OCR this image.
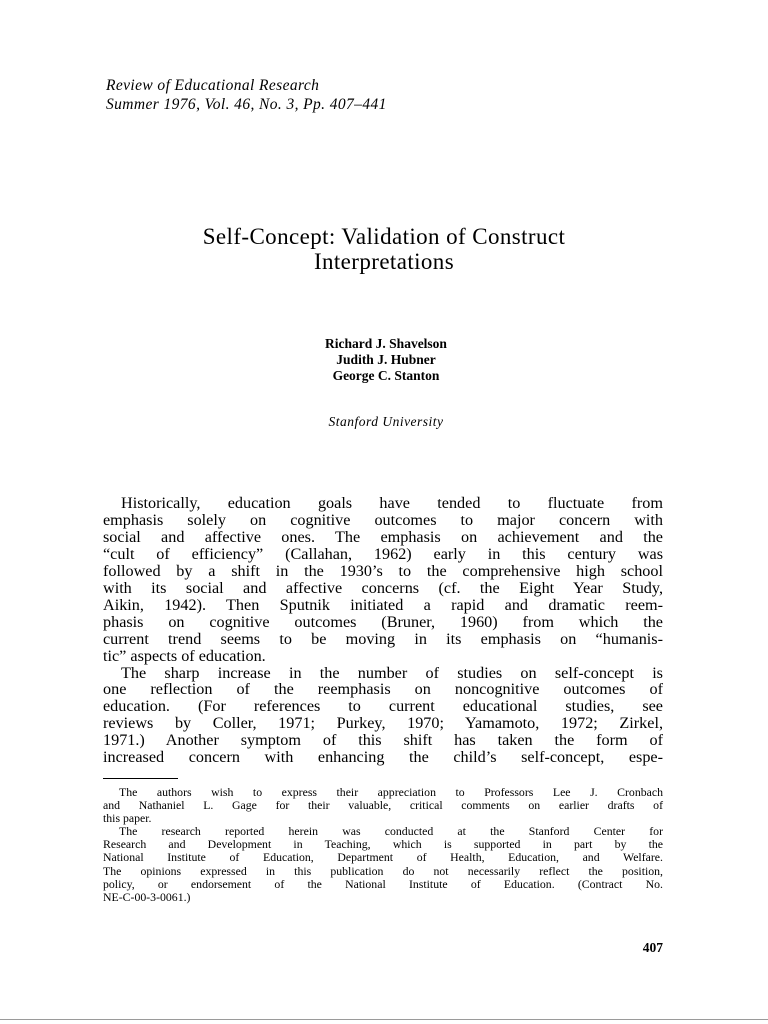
Review of Educational Research
Summer 1976, Vol. 46, No. 3, Pp. 407–441
Self-Concept: Validation of Construct
Interpretations
Richard J. Shavelson
Judith J. Hubner
George C. Stanton
Stanford University
Historically, education goals have tended to fluctuate from
emphasis solely on cognitive outcomes to major concern with
social and affective ones. The emphasis on achievement and the
“cult of efficiency” (Callahan, 1962) early in this century was
followed by a shift in the 1930’s to the comprehensive high school
with its social and affective concerns (cf. the Eight Year Study,
Aikin, 1942). Then Sputnik initiated a rapid and dramatic reem-
phasis on cognitive outcomes (Bruner, 1960) from which the
current trend seems to be moving in its emphasis on “humanis-
tic” aspects of education.
The sharp increase in the number of studies on self-concept is
one reflection of the reemphasis on noncognitive outcomes of
education. (For references to current educational studies, see
reviews by Coller, 1971; Purkey, 1970; Yamamoto, 1972; Zirkel,
1971.) Another symptom of this shift has taken the form of
increased concern with enhancing the child’s self-concept, espe-
The authors wish to express their appreciation to Professors Lee J. Cronbach
and Nathaniel L. Gage for their valuable, critical comments on earlier drafts of
this paper.
The research reported herein was conducted at the Stanford Center for
Research and Development in Teaching, which is supported in part by the
National Institute of Education, Department of Health, Education, and Welfare.
The opinions expressed in this publication do not necessarily reflect the position,
policy, or endorsement of the National Institute of Education. (Contract No.
NE-C-00-3-0061.)
407
